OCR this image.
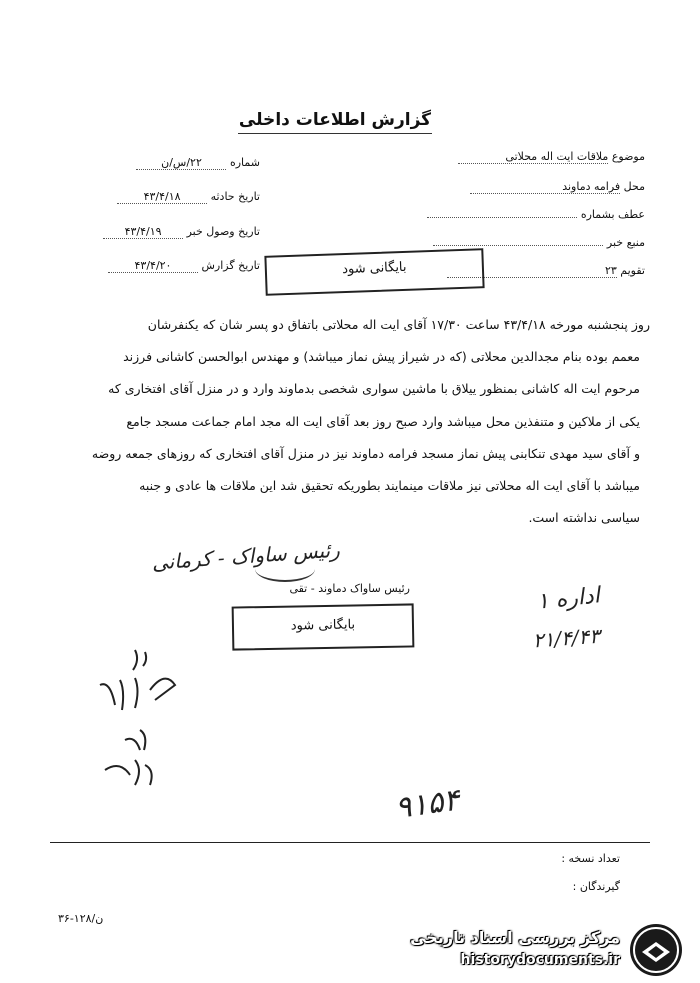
گزارش اطلاعات داخلی
شماره ۲۲/س/ن
تاریخ حادثه ۴۳/۴/۱۸
تاریخ وصول خبر ۴۳/۴/۱۹
تاریخ گزارش ۴۳/۴/۲۰
موضوع ملاقات ایت اله محلاتی
محل فرامه دماوند
عطف بشماره
منبع خبر
تقویم ۲۳
بایگانی شود
روز پنجشنبه مورخه ۴۳/۴/۱۸ ساعت ۱۷/۳۰ آقای ایت اله محلاتی باتفاق دو پسر شان که یکنفرشان
معمم بوده بنام مجدالدین محلاتی (که در شیراز پیش نماز میباشد) و مهندس ابوالحسن کاشانی فرزند
مرحوم ایت اله کاشانی بمنظور ییلاق با ماشین سواری شخصی بدماوند وارد و در منزل آقای افتخاری که
یکی از ملاکین و متنفذین محل میباشد وارد صبح روز بعد آقای ایت اله مجد امام جماعت مسجد جامع
و آقای سید مهدی تنکابنی پیش نماز مسجد فرامه دماوند نیز در منزل آقای افتخاری که روزهای جمعه روضه
میباشد با آقای ایت اله محلاتی نیز ملاقات مینمایند بطوریکه تحقیق شد این ملاقات ها عادی و جنبه
سیاسی نداشته است.
رئیس ساواک - کرمانی
رئیس ساواک دماوند - تقی
بایگانی شود
اداره ۱
۲۱/۴/۴۳
۹۱۵۴
تعداد نسخه :
گیرندگان :
۳۶-۱۲۸/ن
مرکز بررسی اسناد تاریخی
historydocuments.ir
